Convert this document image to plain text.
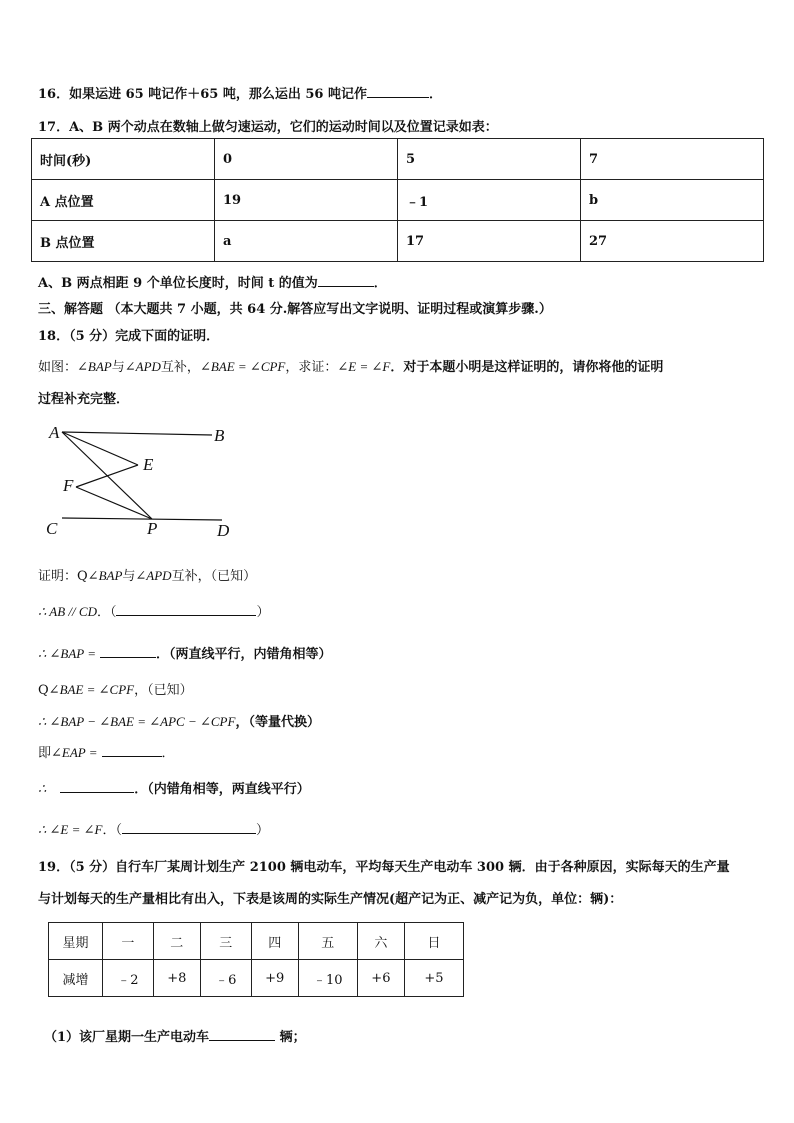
16．如果运进 65 吨记作＋65 吨，那么运出 56 吨记作	．
17．A、B 两个动点在数轴上做匀速运动，它们的运动时间以及位置记录如表：
时间(秒)	0	5	7
A 点位置	19	﹣1	b
B 点位置	a	17	27
A、B 两点相距 9 个单位长度时，时间 t 的值为	．
三、解答题 （本大题共 7 小题，共 64 分.解答应写出文字说明、证明过程或演算步骤.）
18．（5 分）完成下面的证明．
如图：∠BAP与∠APD互补，∠BAE = ∠CPF，求证：∠E = ∠F．对于本题小明是这样证明的，请你将他的证明
过程补充完整．
A	B
E
F
C	P	D
证明：Q∠BAP与∠APD互补，（已知）
∴ AB // CD．（	）
∴ ∠BAP =	．（两直线平行，内错角相等）
Q∠BAE = ∠CPF，（已知）
∴ ∠BAP − ∠BAE = ∠APC − ∠CPF，（等量代换）
即∠EAP =	．
∴	．（内错角相等，两直线平行）
∴ ∠E = ∠F．（	）
19．（5 分）自行车厂某周计划生产 2100 辆电动车，平均每天生产电动车 300 辆．由于各种原因，实际每天的生产量
与计划每天的生产量相比有出入，下表是该周的实际生产情况(超产记为正、减产记为负，单位：辆)：
星期	一	二	三	四	五	六	日
减增	﹣2	+8	﹣6	+9	﹣10	+6	+5
（1）该厂星期一生产电动车	辆；
